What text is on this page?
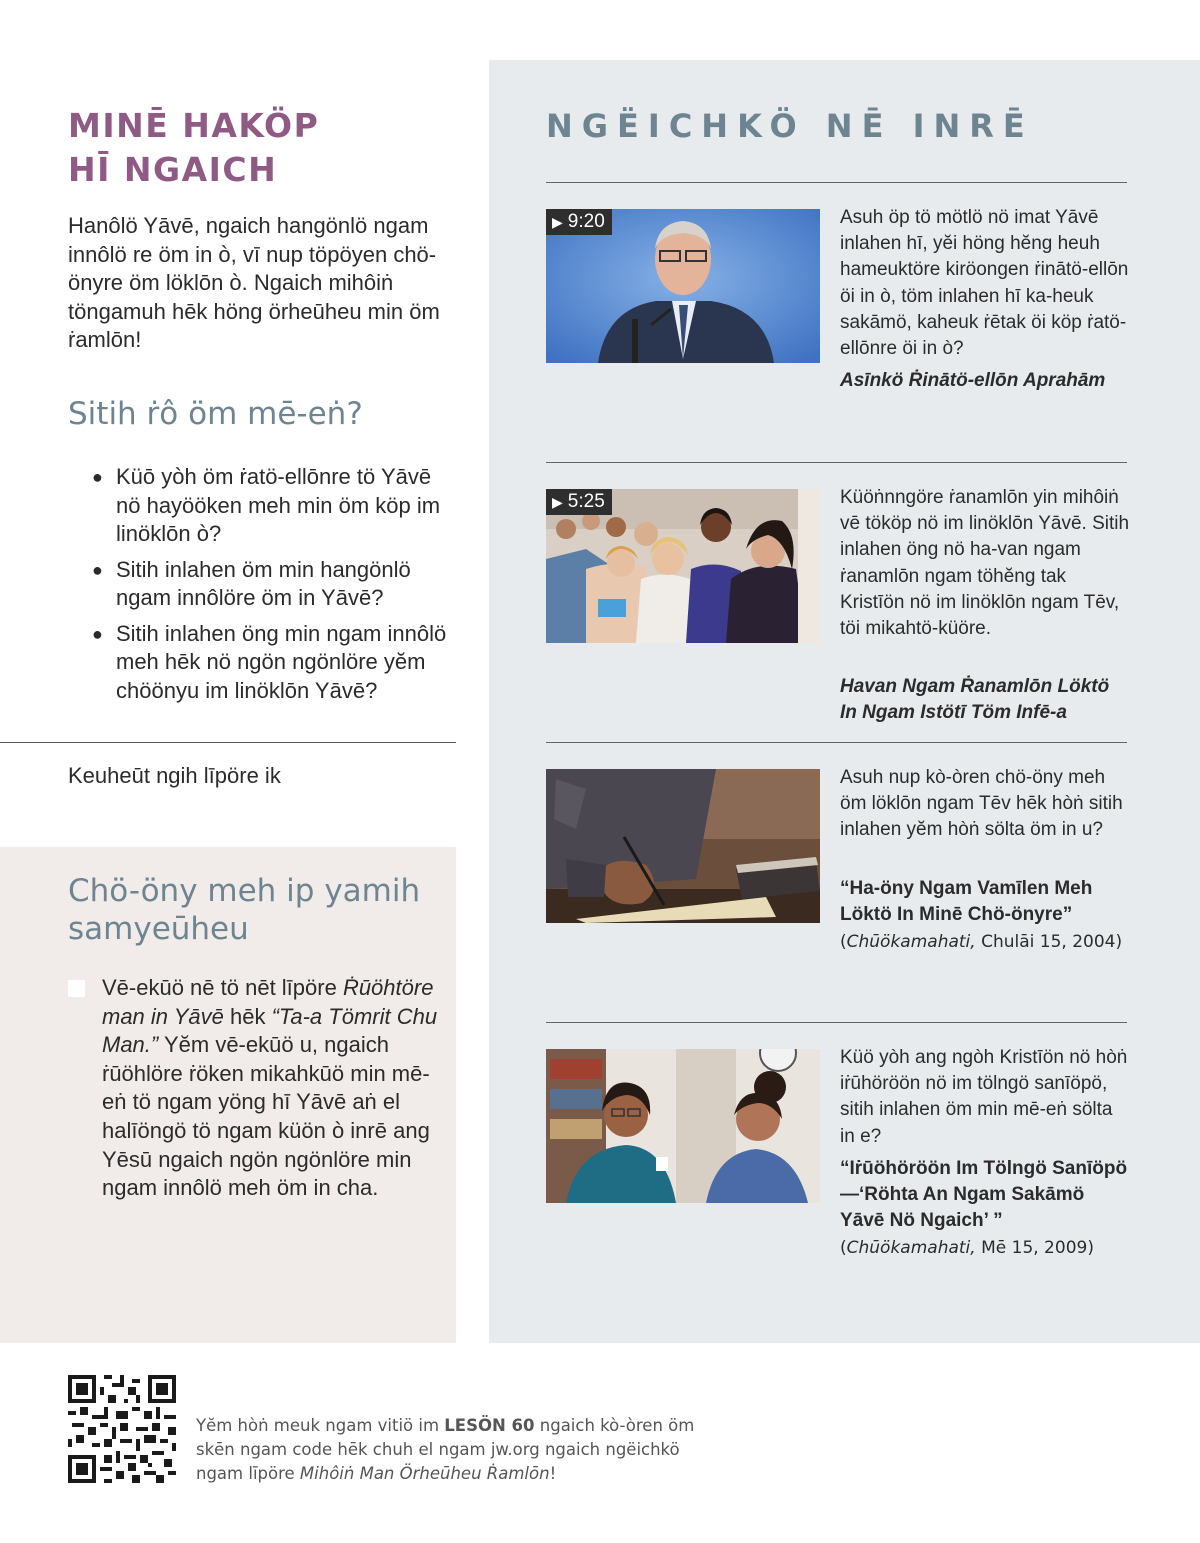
MINĒ HAKÖP
HĪ NGAICH

Hanôlö Yāvē, ngaich hangönlö ngam innôlö re öm in ò, vī nup töpöyen chö-önyre öm löklōn ò. Ngaich mihôiṅ töngamuh hēk höng örheūheu min öm ṙamlōn!

Sitih ṙô öm mē-eṅ?
● Küō yòh öm ṙatö-ellōnre tö Yāvē nö hayööken meh min öm köp im linöklōn ò?
● Sitih inlahen öm min hangönlö ngam innôlöre öm in Yāvē?
● Sitih inlahen öng min ngam innôlö meh hēk nö ngön ngönlöre yĕm chöönyu im linöklōn Yāvē?
Keuheūt ngih līpöre ik
Chö-öny meh ip yamih samyeūheu

Vē-ekūö nē tö nēt līpöre Ṙūöhtöre man in Yāvē hēk “Ta-a Tömrit Chu Man.” Yĕm vē-ekūö u, ngaich ṙūöhlöre ṙöken mikahkūö min mē-eṅ tö ngam yöng hī Yāvē aṅ el halīöngö tö ngam küön ò inrē ang Yēsū ngaich ngön ngönlöre min ngam innôlö meh öm in cha.

NGËICHKÖ NĒ INRĒ
▶ 9:20	Asuh öp tö mötlö nö imat Yāvē inlahen hī, yĕi höng hĕng heuh hameuktöre kiröongen ṙinātö-ellōn öi in ò, töm inlahen hī ka-heuk sakāmö, kaheuk ṙētak öi köp ṙatö-ellōnre öi in ò?

Asīnkö Ṙinātö-ellōn Aprahām

▶ 5:25	Küöṅnngöre ṙanamlōn yin mihôiṅ vē tököp nö im linöklōn Yāvē. Sitih inlahen öng nö ha-van ngam ṙanamlōn ngam töhĕng tak Kristīön nö im linöklōn ngam Tēv, töi mikahtö-küöre.

Havan Ngam Ṙanamlōn Löktö In Ngam Istötī Töm Infē-a

Asuh nup kò-òren chö-öny meh öm löklōn ngam Tēv hēk hòṅ sitih inlahen yĕm hòṅ sölta öm in u?

“Ha-öny Ngam Vamīlen Meh Löktö In Minē Chö-önyre”

(Chūökamahati, Chulāi 15, 2004)

Küö yòh ang ngòh Kristīön nö hòṅ iṙūhöröön nö im tölngö sanīöpö, sitih inlahen öm min mē-eṅ sölta in e?

“Iṙūöhöröön Im Tölngö Sanīöpö—‘Röhta An Ngam Sakāmö Yāvē Nö Ngaich’ ”

(Chūökamahati, Mē 15, 2009)

Yĕm hòṅ meuk ngam vitiö im LESÖN 60 ngaich kò-òren öm skēn ngam code hēk chuh el ngam jw.org ngaich ngëichkö ngam līpöre Mihôiṅ Man Örheūheu Ṙamlōn!
